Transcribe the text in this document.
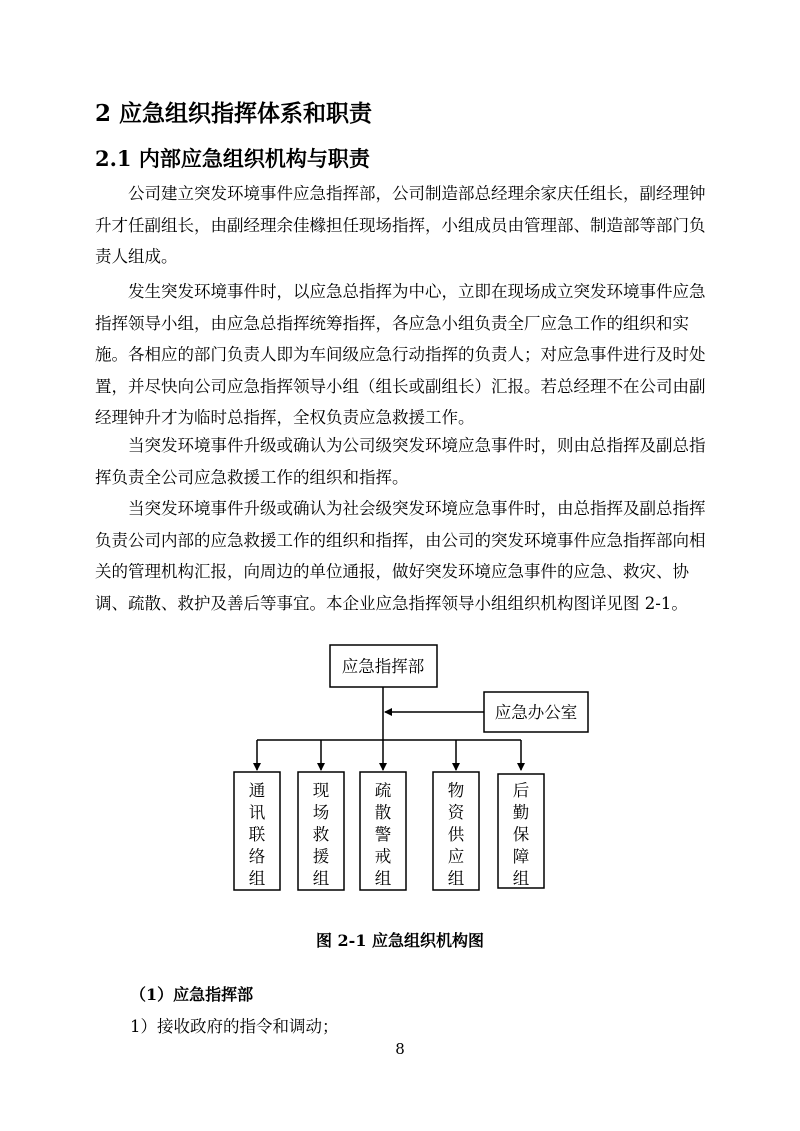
2 应急组织指挥体系和职责
2.1 内部应急组织机构与职责
　　公司建立突发环境事件应急指挥部，公司制造部总经理余家庆任组长，副经理钟
升才任副组长，由副经理余佳橼担任现场指挥，小组成员由管理部、制造部等部门负
责人组成。
　　发生突发环境事件时，以应急总指挥为中心，立即在现场成立突发环境事件应急
指挥领导小组，由应急总指挥统筹指挥，各应急小组负责全厂应急工作的组织和实
施。各相应的部门负责人即为车间级应急行动指挥的负责人；对应急事件进行及时处
置，并尽快向公司应急指挥领导小组（组长或副组长）汇报。若总经理不在公司由副
经理钟升才为临时总指挥，全权负责应急救援工作。
　　当突发环境事件升级或确认为公司级突发环境应急事件时，则由总指挥及副总指
挥负责全公司应急救援工作的组织和指挥。
　　当突发环境事件升级或确认为社会级突发环境应急事件时，由总指挥及副总指挥
负责公司内部的应急救援工作的组织和指挥，由公司的突发环境事件应急指挥部向相
关的管理机构汇报，向周边的单位通报，做好突发环境应急事件的应急、救灾、协
调、疏散、救护及善后等事宜。本企业应急指挥领导小组组织机构图详见图 2-1。
应急指挥部
应急办公室
通
讯
联
络
组
现
场
救
援
组
疏
散
警
戒
组
物
资
供
应
组
后
勤
保
障
组
图 2-1 应急组织机构图
（1）应急指挥部
1）接收政府的指令和调动；
8
